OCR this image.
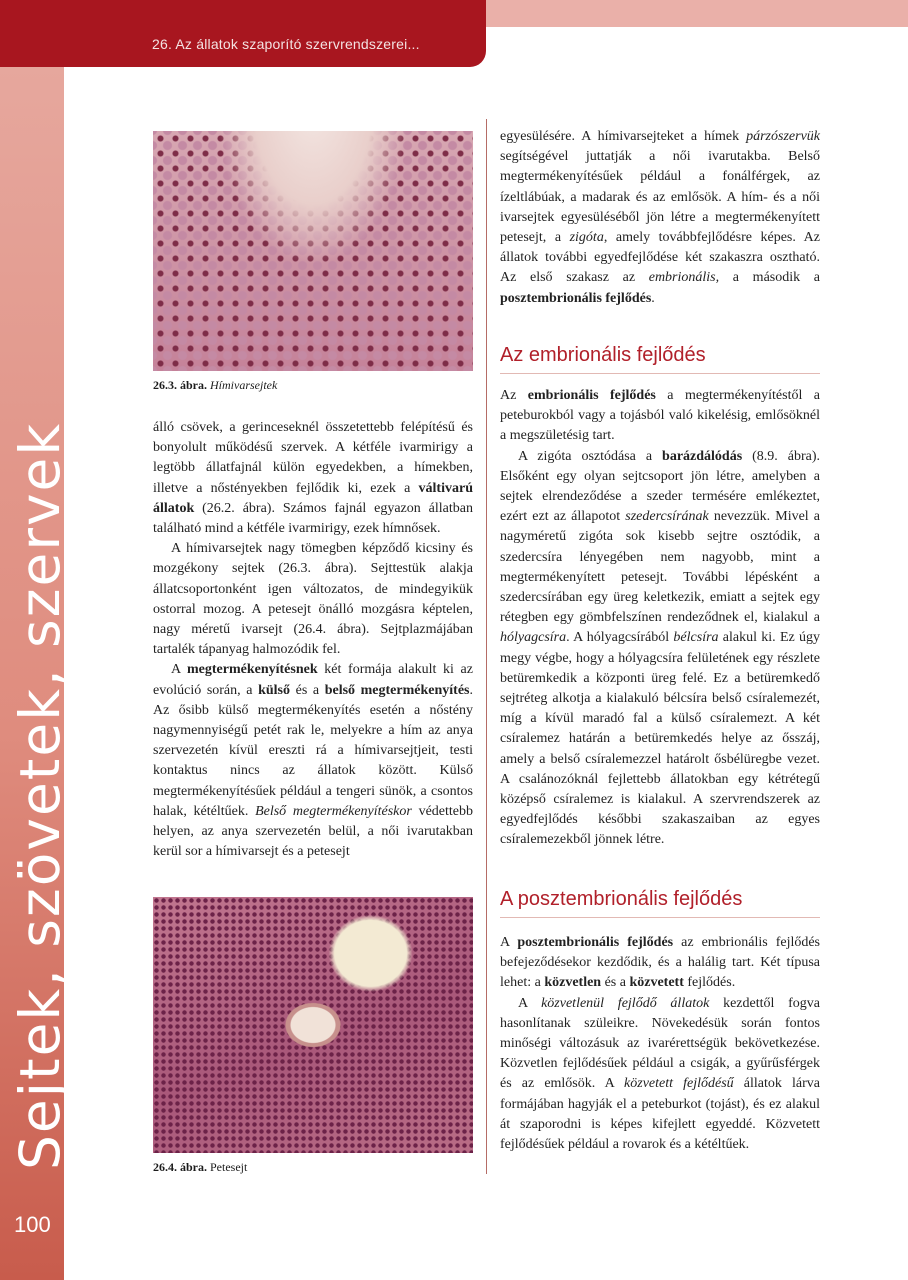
26. Az állatok szaporító szervrendszerei...
Sejtek, szövetek, szervek
100
26.3. ábra. Hímivarsejtek

álló csövek, a gerinceseknél összetettebb felépítésű és bonyolult működésű szervek. A kétféle ivarmirigy a legtöbb állatfajnál külön egyedekben, a hímekben, illetve a nőstényekben fejlődik ki, ezek a váltivarú állatok (26.2. ábra). Számos fajnál egyazon állatban található mind a kétféle ivarmirigy, ezek hímnősek.

A hímivarsejtek nagy tömegben képződő kicsiny és mozgékony sejtek (26.3. ábra). Sejttestük alakja állatcsoportonként igen változatos, de mindegyikük ostorral mozog. A petesejt önálló mozgásra képtelen, nagy méretű ivarsejt (26.4. ábra). Sejtplazmájában tartalék tápanyag halmozódik fel.

A megtermékenyítésnek két formája alakult ki az evolúció során, a külső és a belső megtermékenyítés. Az ősibb külső megtermékenyítés esetén a nőstény nagymennyiségű petét rak le, melyekre a hím az anya szervezetén kívül ereszti rá a hímivarsejtjeit, testi kontaktus nincs az állatok között. Külső megtermékenyítésűek például a tengeri sünök, a csontos halak, kétéltűek. Belső megtermékenyítéskor védettebb helyen, az anya szervezetén belül, a női ivarutakban kerül sor a hímivarsejt és a petesejt

26.4. ábra. Petesejt

egyesülésére. A hímivarsejteket a hímek párzószervük segítségével juttatják a női ivarutakba. Belső megtermékenyítésűek például a fonálférgek, az ízeltlábúak, a madarak és az emlősök. A hím- és a női ivarsejtek egyesüléséből jön létre a megtermékenyített petesejt, a zigóta, amely továbbfejlődésre képes. Az állatok további egyedfejlődése két szakaszra osztható. Az első szakasz az embrionális, a második a posztembrionális fejlődés.

Az embrionális fejlődés

Az embrionális fejlődés a megtermékenyítéstől a peteburokból vagy a tojásból való kikelésig, emlősöknél a megszületésig tart.

A zigóta osztódása a barázdálódás (8.9. ábra). Elsőként egy olyan sejtcsoport jön létre, amelyben a sejtek elrendeződése a szeder termésére emlékeztet, ezért ezt az állapotot szedercsírának nevezzük. Mivel a nagyméretű zigóta sok kisebb sejtre osztódik, a szedercsíra lényegében nem nagyobb, mint a megtermékenyített petesejt. További lépésként a szedercsírában egy üreg keletkezik, emiatt a sejtek egy rétegben egy gömbfelszínen rendeződnek el, kialakul a hólyagcsíra. A hólyagcsírából bélcsíra alakul ki. Ez úgy megy végbe, hogy a hólyagcsíra felületének egy részlete betüremkedik a központi üreg felé. Ez a betüremkedő sejtréteg alkotja a kialakuló bélcsíra belső csíralemezét, míg a kívül maradó fal a külső csíralemezt. A két csíralemez határán a betüremkedés helye az ősszáj, amely a belső csíralemezzel határolt ősbélüregbe vezet. A csalánozóknál fejlettebb állatokban egy kétrétegű középső csíralemez is kialakul. A szervrendszerek az egyedfejlődés későbbi szakaszaiban az egyes csíralemezekből jönnek létre.

A posztembrionális fejlődés

A posztembrionális fejlődés az embrionális fejlődés befejeződésekor kezdődik, és a halálig tart. Két típusa lehet: a közvetlen és a közvetett fejlődés.

A közvetlenül fejlődő állatok kezdettől fogva hasonlítanak szüleikre. Növekedésük során fontos minőségi változásuk az ivarérettségük bekövetkezése. Közvetlen fejlődésűek például a csigák, a gyűrűsférgek és az emlősök. A közvetett fejlődésű állatok lárva formájában hagyják el a peteburkot (tojást), és ez alakul át szaporodni is képes kifejlett egyeddé. Közvetett fejlődésűek például a rovarok és a kétéltűek.
